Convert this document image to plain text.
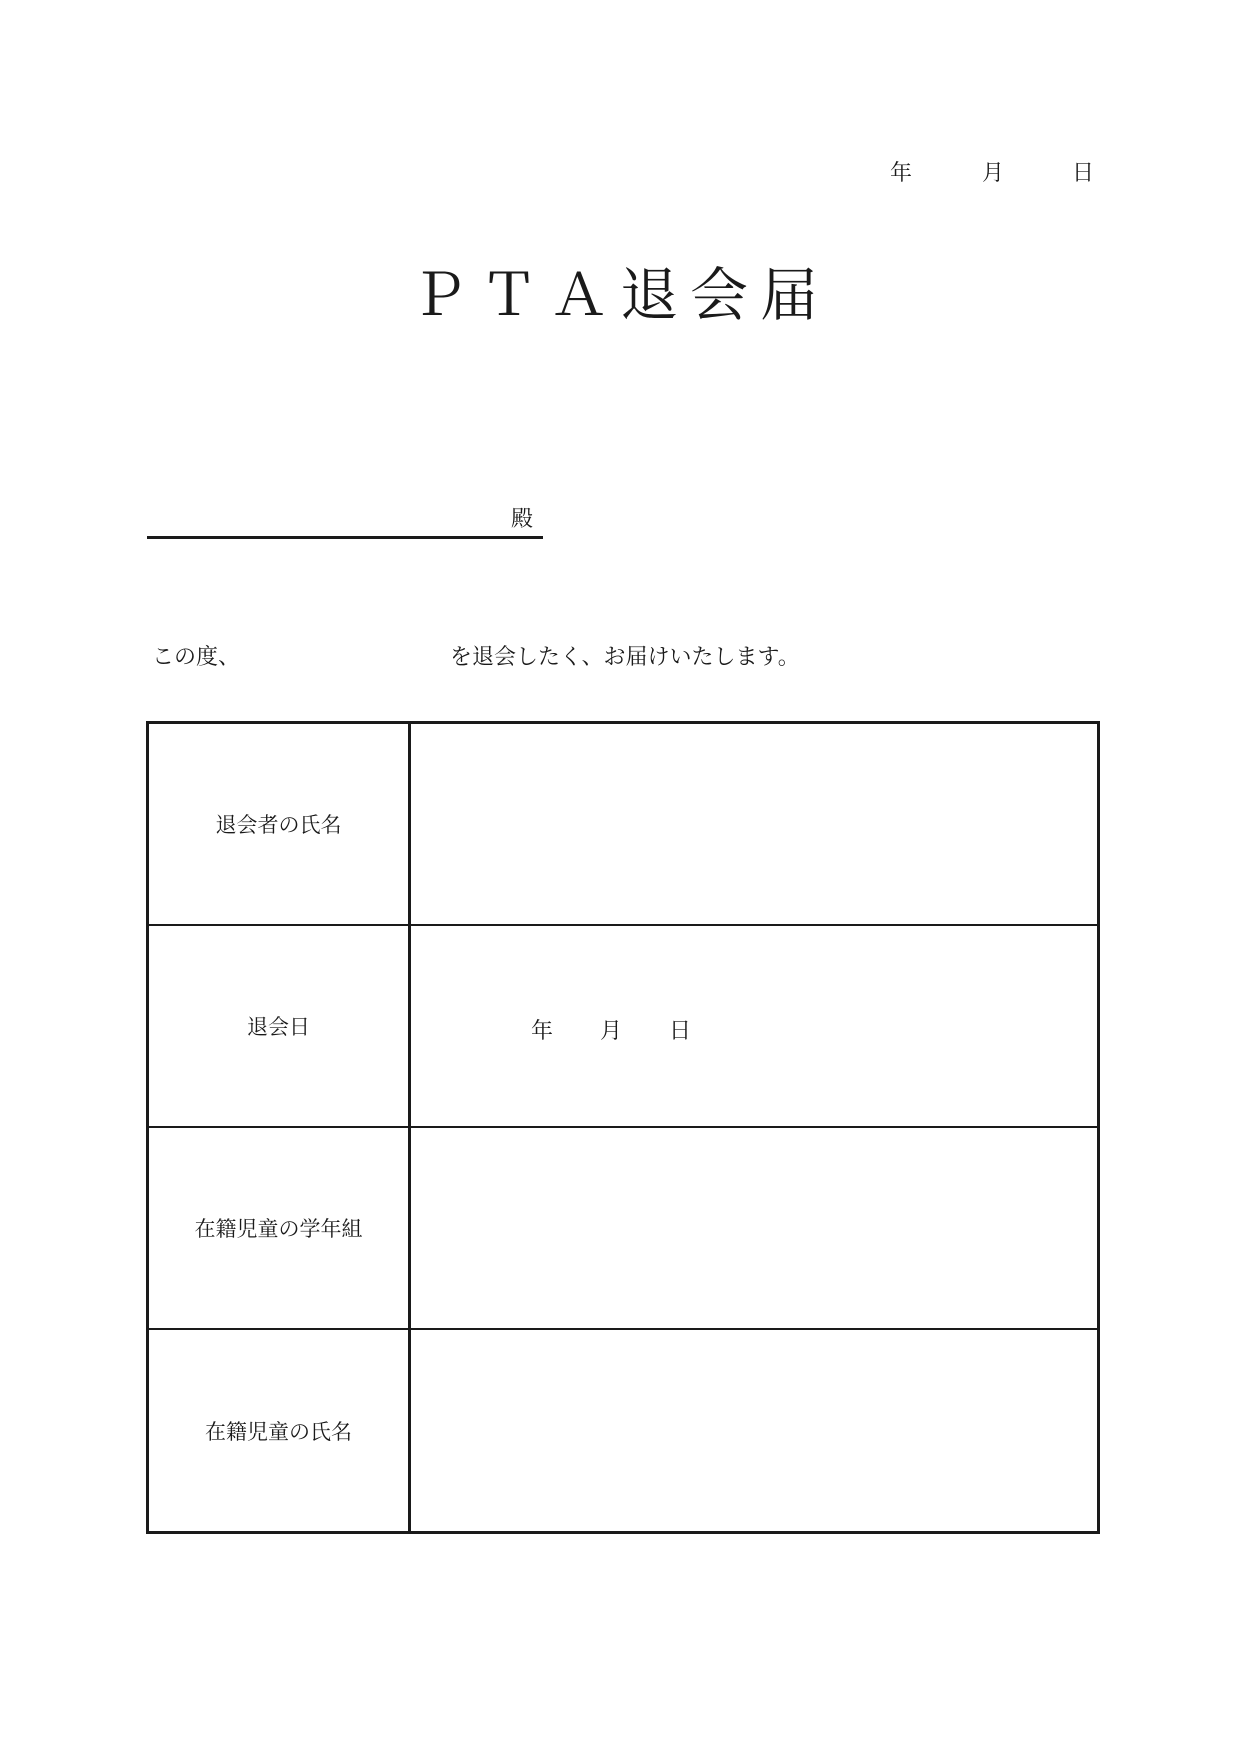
年	月	日
ＰＴＡ退会届
殿
この度、	を退会したく、お届けいたします。
退会者の氏名
退会日	年 月 日
在籍児童の学年組
在籍児童の氏名
